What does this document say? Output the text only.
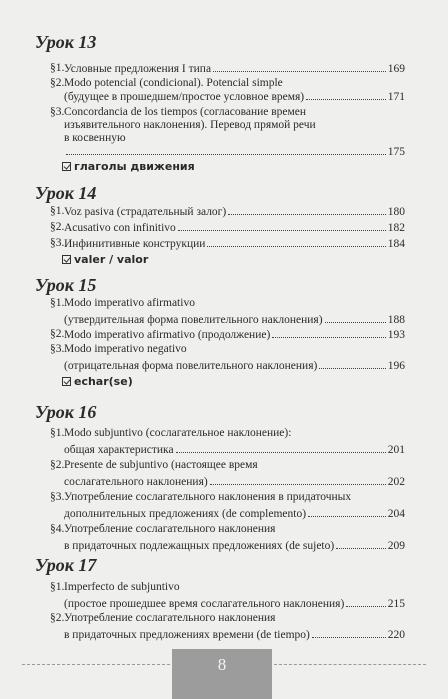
Урок 13
§1. Условные предложения I типа	169
§2. Modo potencial (condicional). Potencial simple
(будущее в прошедшем/простое условное время)	171
§3. Concordancia de los tiempos (согласование времен
изъявительного наклонения). Перевод прямой речи
в косвенную
175
глаголы движения
Урок 14
§1. Voz pasiva (страдательный залог)	180
§2. Acusativo con infinitivo	182
§3. Инфинитивные конструкции	184
valer / valor
Урок 15
§1. Modo imperativo afirmativo
(утвердительная форма повелительного наклонения)	188
§2. Modo imperativo afirmativo (продолжение)	193
§3. Modo imperativo negativo
(отрицательная форма повелительного наклонения)	196
echar(se)
Урок 16
§1. Modo subjuntivo (сослагательное наклонение):
общая характеристика	201
§2. Presente de subjuntivo (настоящее время
сослагательного наклонения)	202
§3. Употребление сослагательного наклонения в придаточных
дополнительных предложениях (de complemento)	204
§4. Употребление сослагательного наклонения
в придаточных подлежащных предложениях (de sujeto)	209
Урок 17
§1. Imperfecto de subjuntivo
(простое прошедшее время сослагательного наклонения)	215
§2. Употребление сослагательного наклонения
в придаточных предложениях времени (de tiempo)	220
8
